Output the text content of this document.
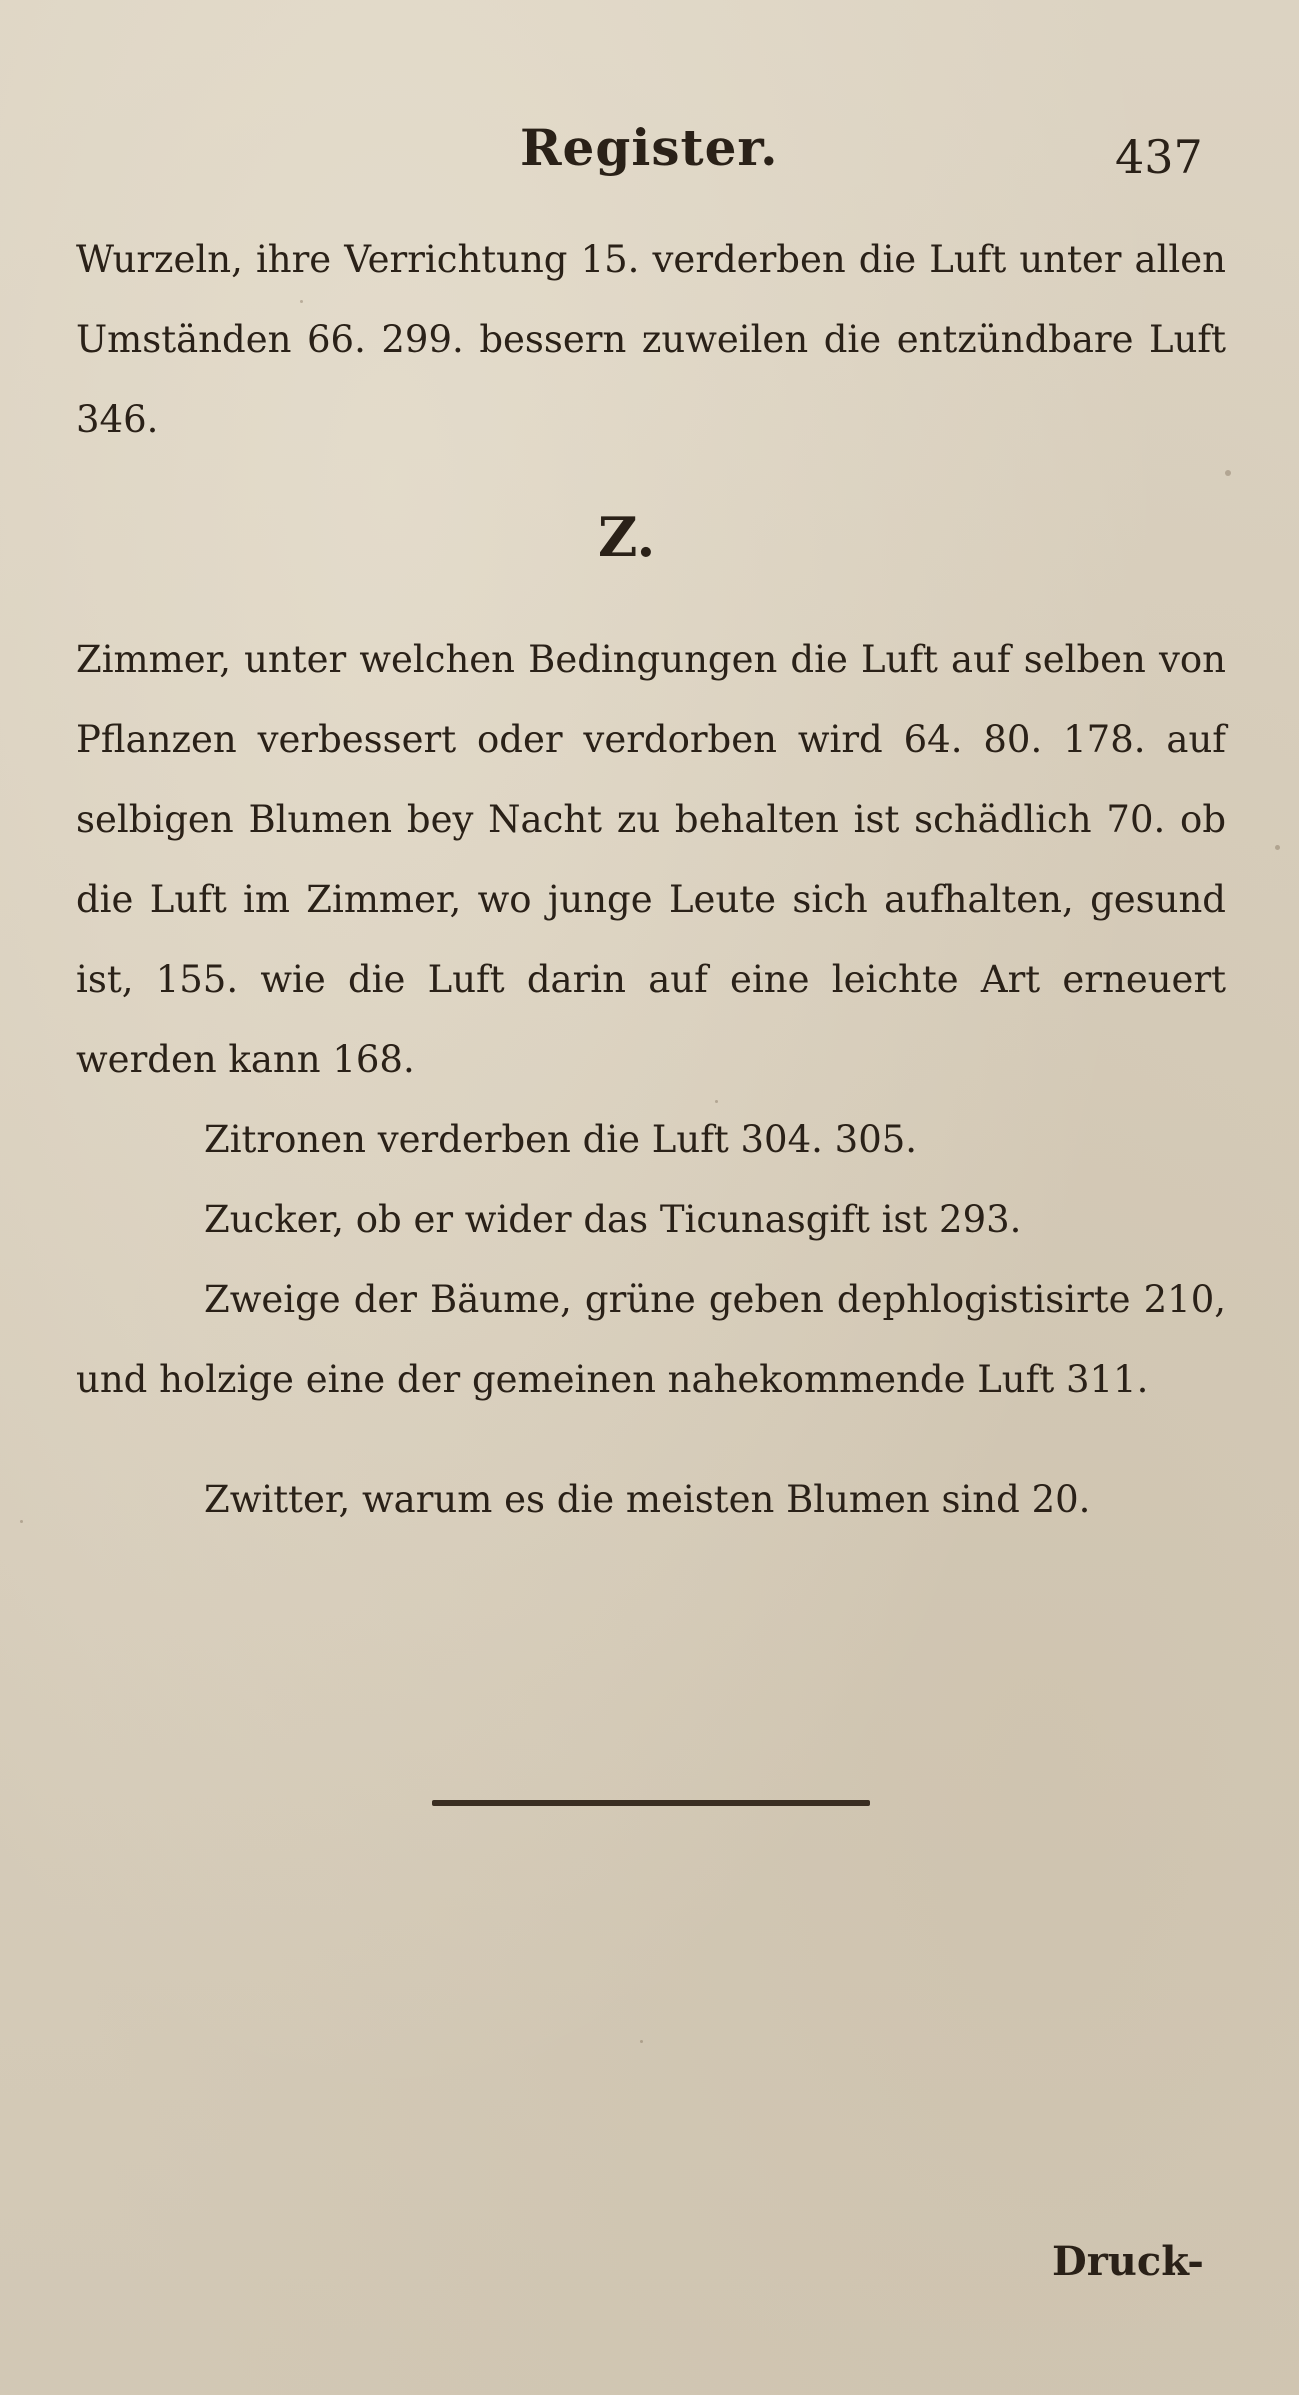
Register.	437
Wurzeln, ihre Verrichtung 15. verderben die Luft unter allen Umständen 66. 299. bessern zuweilen die entzündbare Luft 346.
Z.
Zimmer, unter welchen Bedingungen die Luft auf selben von Pflanzen verbessert oder verdorben wird 64. 80. 178. auf selbigen Blumen bey Nacht zu behalten ist schädlich 70. ob die Luft im Zimmer, wo junge Leute sich aufhalten, gesund ist, 155. wie die Luft darin auf eine leichte Art erneuert werden kann 168.
Zitronen verderben die Luft 304. 305.
Zucker, ob er wider das Ticunasgift ist 293.
Zweige der Bäume, grüne geben dephlogistisirte 210, und holzige eine der gemeinen nahekommende Luft 311.
Zwitter, warum es die meisten Blumen sind 20.
Druck-
